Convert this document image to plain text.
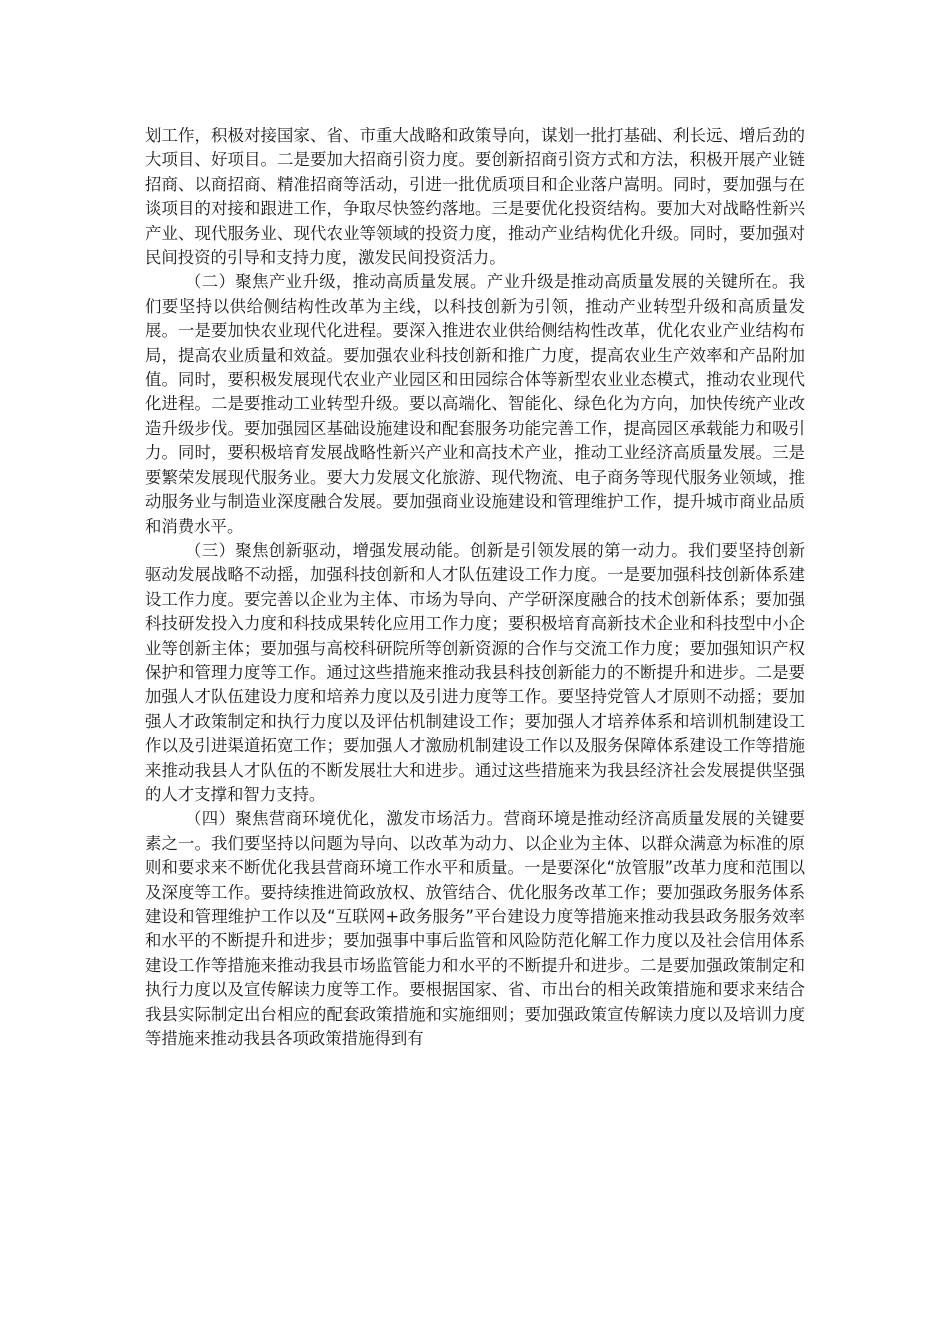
划工作，积极对接国家、省、市重大战略和政策导向，谋划一批打基础、利长远、增后劲的大项目、好项目。二是要加大招商引资力度。要创新招商引资方式和方法，积极开展产业链招商、以商招商、精准招商等活动，引进一批优质项目和企业落户嵩明。同时，要加强与在谈项目的对接和跟进工作，争取尽快签约落地。三是要优化投资结构。要加大对战略性新兴产业、现代服务业、现代农业等领域的投资力度，推动产业结构优化升级。同时，要加强对民间投资的引导和支持力度，激发民间投资活力。

（二）聚焦产业升级，推动高质量发展。产业升级是推动高质量发展的关键所在。我们要坚持以供给侧结构性改革为主线，以科技创新为引领，推动产业转型升级和高质量发展。一是要加快农业现代化进程。要深入推进农业供给侧结构性改革，优化农业产业结构布局，提高农业质量和效益。要加强农业科技创新和推广力度，提高农业生产效率和产品附加值。同时，要积极发展现代农业产业园区和田园综合体等新型农业业态模式，推动农业现代化进程。二是要推动工业转型升级。要以高端化、智能化、绿色化为方向，加快传统产业改造升级步伐。要加强园区基础设施建设和配套服务功能完善工作，提高园区承载能力和吸引力。同时，要积极培育发展战略性新兴产业和高技术产业，推动工业经济高质量发展。三是要繁荣发展现代服务业。要大力发展文化旅游、现代物流、电子商务等现代服务业领域，推动服务业与制造业深度融合发展。要加强商业设施建设和管理维护工作，提升城市商业品质和消费水平。

（三）聚焦创新驱动，增强发展动能。创新是引领发展的第一动力。我们要坚持创新驱动发展战略不动摇，加强科技创新和人才队伍建设工作力度。一是要加强科技创新体系建设工作力度。要完善以企业为主体、市场为导向、产学研深度融合的技术创新体系；要加强科技研发投入力度和科技成果转化应用工作力度；要积极培育高新技术企业和科技型中小企业等创新主体；要加强与高校科研院所等创新资源的合作与交流工作力度；要加强知识产权保护和管理力度等工作。通过这些措施来推动我县科技创新能力的不断提升和进步。二是要加强人才队伍建设力度和培养力度以及引进力度等工作。要坚持党管人才原则不动摇；要加强人才政策制定和执行力度以及评估机制建设工作；要加强人才培养体系和培训机制建设工作以及引进渠道拓宽工作；要加强人才激励机制建设工作以及服务保障体系建设工作等措施来推动我县人才队伍的不断发展壮大和进步。通过这些措施来为我县经济社会发展提供坚强的人才支撑和智力支持。

（四）聚焦营商环境优化，激发市场活力。营商环境是推动经济高质量发展的关键要素之一。我们要坚持以问题为导向、以改革为动力、以企业为主体、以群众满意为标准的原则和要求来不断优化我县营商环境工作水平和质量。一是要深化“放管服”改革力度和范围以及深度等工作。要持续推进简政放权、放管结合、优化服务改革工作；要加强政务服务体系建设和管理维护工作以及“互联网+政务服务”平台建设力度等措施来推动我县政务服务效率和水平的不断提升和进步；要加强事中事后监管和风险防范化解工作力度以及社会信用体系建设工作等措施来推动我县市场监管能力和水平的不断提升和进步。二是要加强政策制定和执行力度以及宣传解读力度等工作。要根据国家、省、市出台的相关政策措施和要求来结合我县实际制定出台相应的配套政策措施和实施细则；要加强政策宣传解读力度以及培训力度等措施来推动我县各项政策措施得到有
